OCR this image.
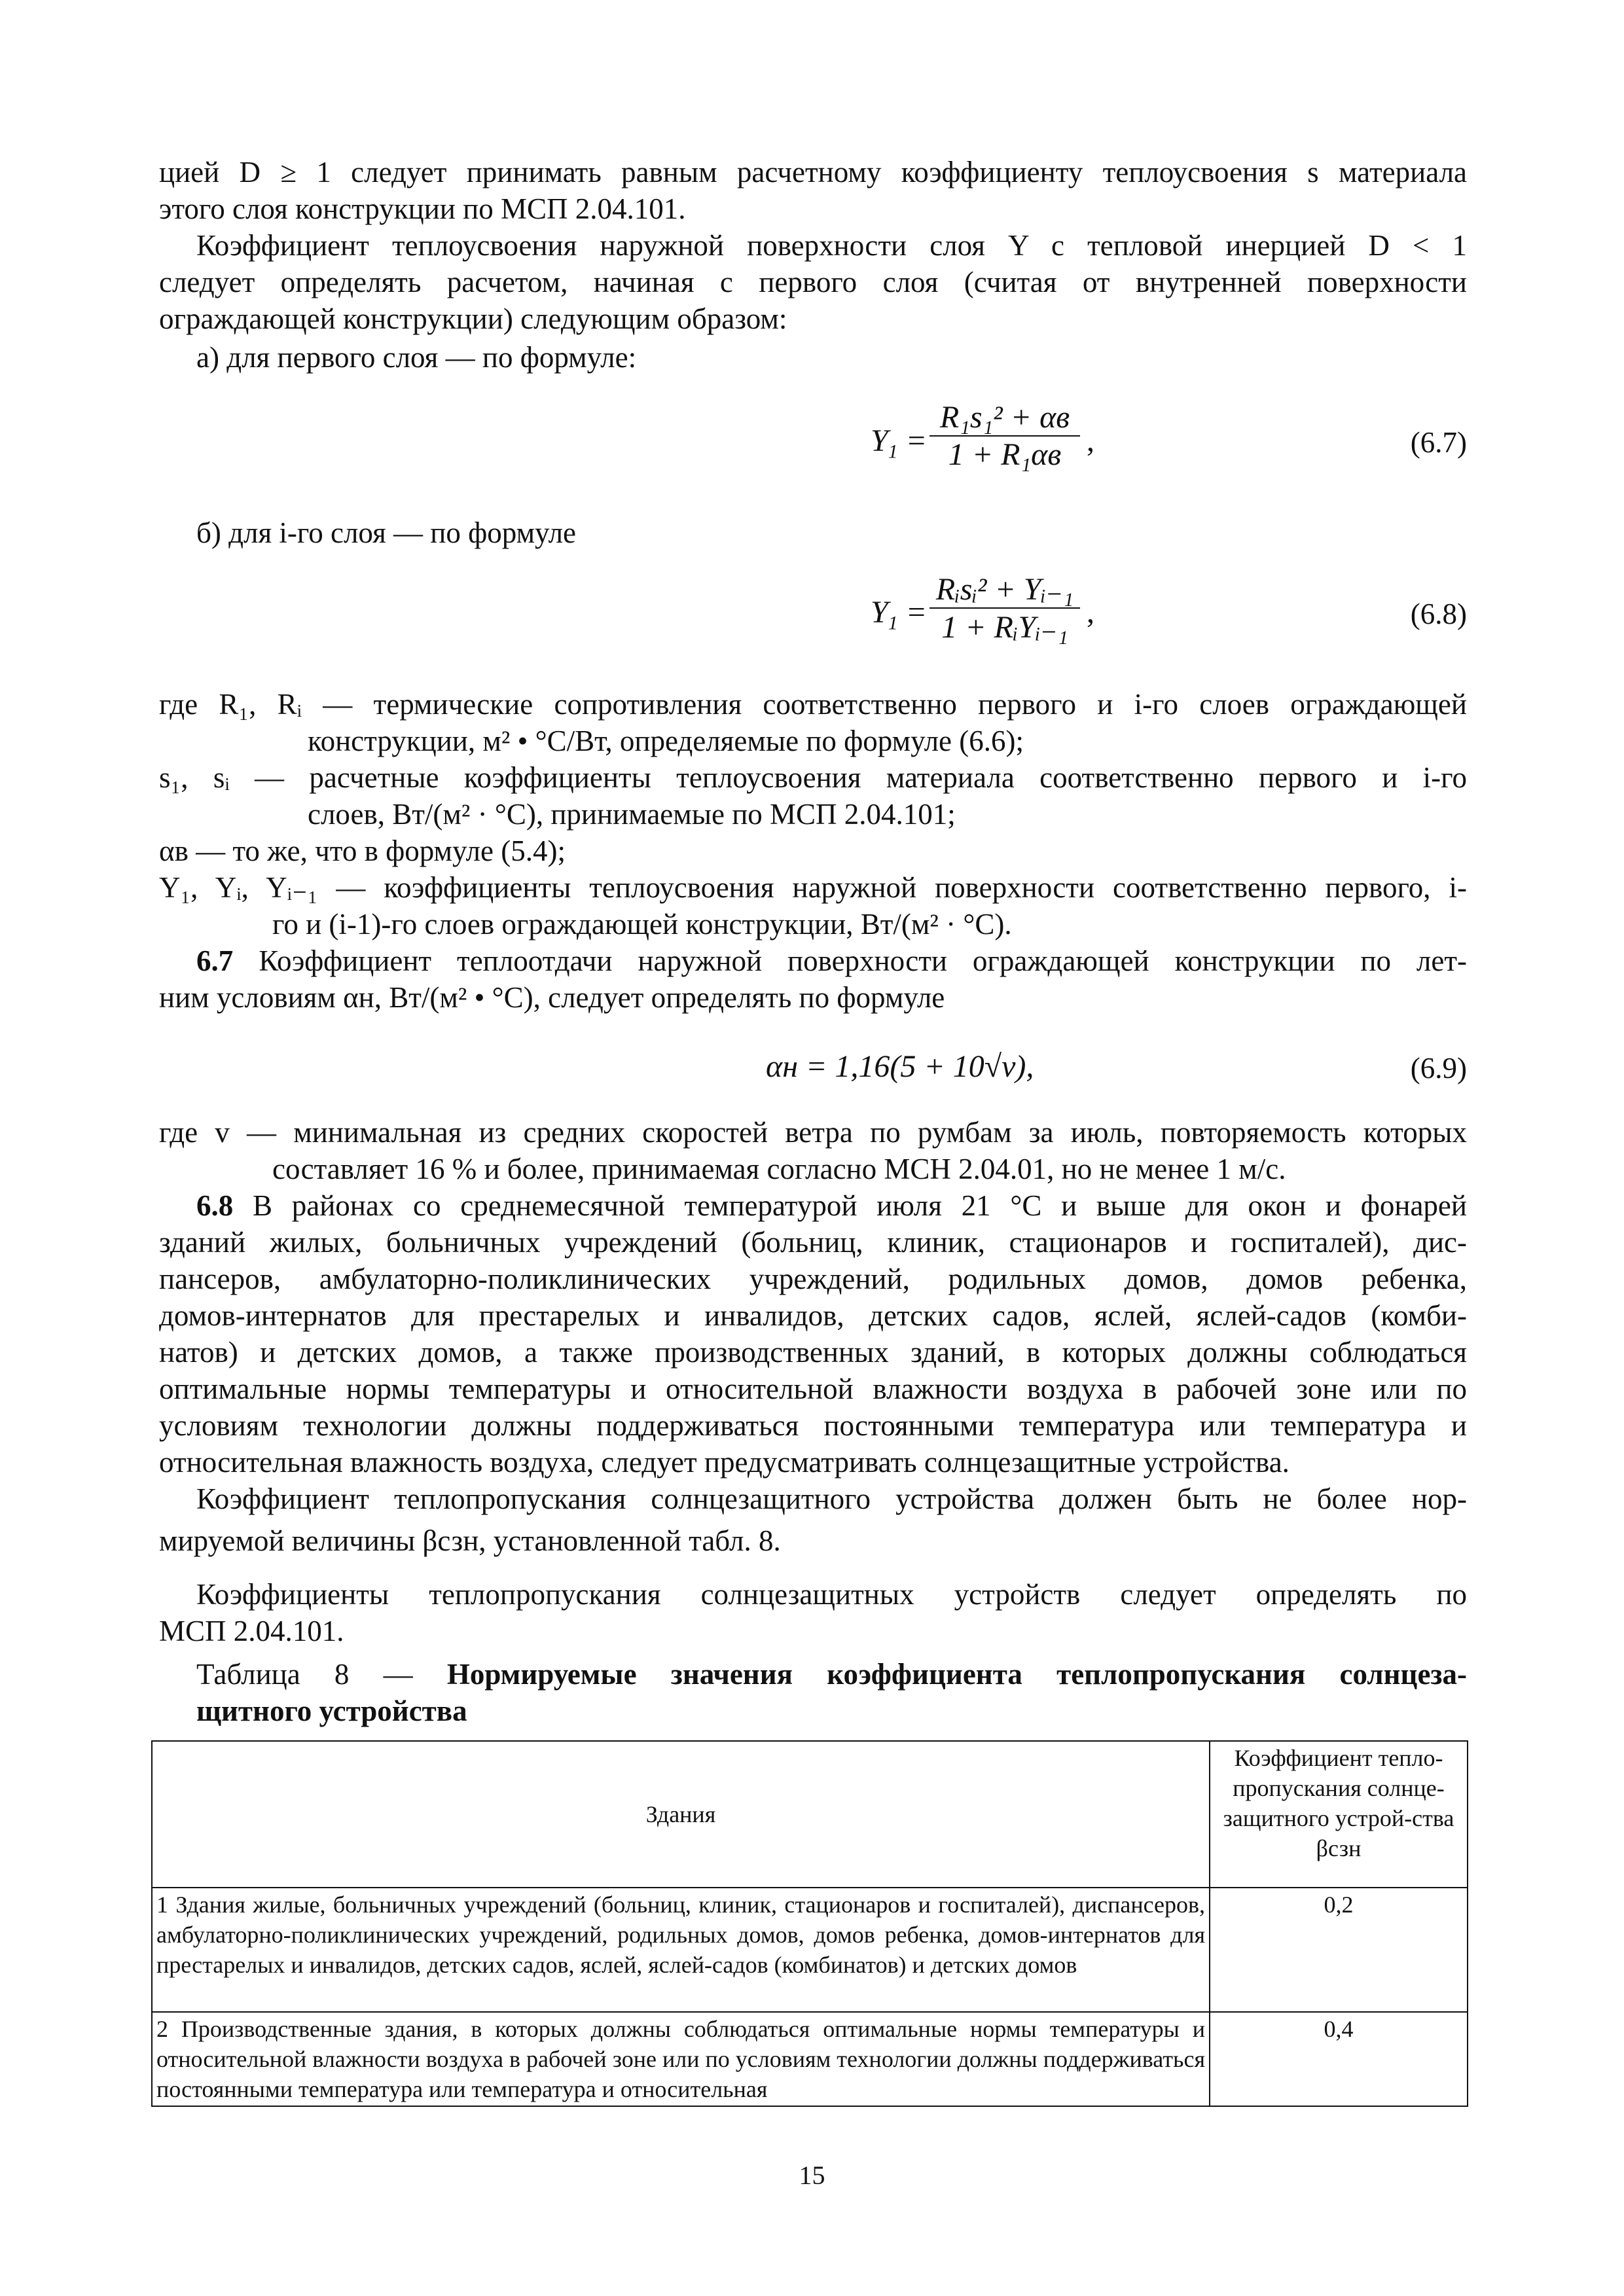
цией D ≥ 1 следует принимать равным расчетному коэффициенту теплоусвоения s материала
этого слоя конструкции по МСП 2.04.101.
Коэффициент теплоусвоения наружной поверхности слоя Y с тепловой инерцией D < 1
следует определять расчетом, начиная с первого слоя (считая от внутренней поверхности
ограждающей конструкции) следующим образом:
а) для первого слоя — по формуле:
$Y_1$ =
R₁s₁² + αв
1 + R₁αв ,	(6.7)
б) для i-го слоя — по формуле
$Y_1$ =
Rᵢsᵢ² + Yᵢ₋₁
1 + RᵢYᵢ₋₁ ,	(6.8)
где R₁, Rᵢ — термические сопротивления соответственно первого и i-го слоев ограждающей
конструкции, м² • °С/Вт, определяемые по формуле (6.6);
s₁, sᵢ — расчетные коэффициенты теплоусвоения материала соответственно первого и i-го
слоев, Вт/(м² · °С), принимаемые по МСП 2.04.101;
αв — то же, что в формуле (5.4);
Y₁, Yᵢ, Yᵢ₋₁ — коэффициенты теплоусвоения наружной поверхности соответственно первого, i-
го и (i-1)-го слоев ограждающей конструкции, Вт/(м² · °С).
6.7 Коэффициент теплоотдачи наружной поверхности ограждающей конструкции по лет-
ним условиям αн, Вт/(м² • °С), следует определять по формуле
αн = 1,16(5 + 10√v),	(6.9)
где v — минимальная из средних скоростей ветра по румбам за июль, повторяемость которых
составляет 16 % и более, принимаемая согласно МСН 2.04.01, но не менее 1 м/с.
6.8 В районах со среднемесячной температурой июля 21 °С и выше для окон и фонарей
зданий жилых, больничных учреждений (больниц, клиник, стационаров и госпиталей), дис-
пансеров, амбулаторно-поликлинических учреждений, родильных домов, домов ребенка,
домов-интернатов для престарелых и инвалидов, детских садов, яслей, яслей-садов (комби-
натов) и детских домов, а также производственных зданий, в которых должны соблюдаться
оптимальные нормы температуры и относительной влажности воздуха в рабочей зоне или по
условиям технологии должны поддерживаться постоянными температура или температура и
относительная влажность воздуха, следует предусматривать солнцезащитные устройства.
Коэффициент теплопропускания солнцезащитного устройства должен быть не более нор-
мируемой величины βсзн, установленной табл. 8.
Коэффициенты теплопропускания солнцезащитных устройств следует определять по
МСП 2.04.101.
Таблица 8 — Нормируемые значения коэффициента теплопропускания солнцеза-
щитного устройства
Здания	Коэффициент тепло-пропускания солнце-защитного устрой-ства βсзн
1 Здания жилые, больничных учреждений (больниц, клиник, стационаров и госпиталей), диспансеров, амбулаторно-поликлинических учреждений, родильных домов, домов ребенка, домов-интернатов для престарелых и инвалидов, детских садов, яслей, яслей-садов (комбинатов) и детских домов	0,2
2 Производственные здания, в которых должны соблюдаться оптимальные нормы температуры и относительной влажности воздуха в рабочей зоне или по условиям технологии должны поддерживаться постоянными температура или температура и относительная	0,4
15
